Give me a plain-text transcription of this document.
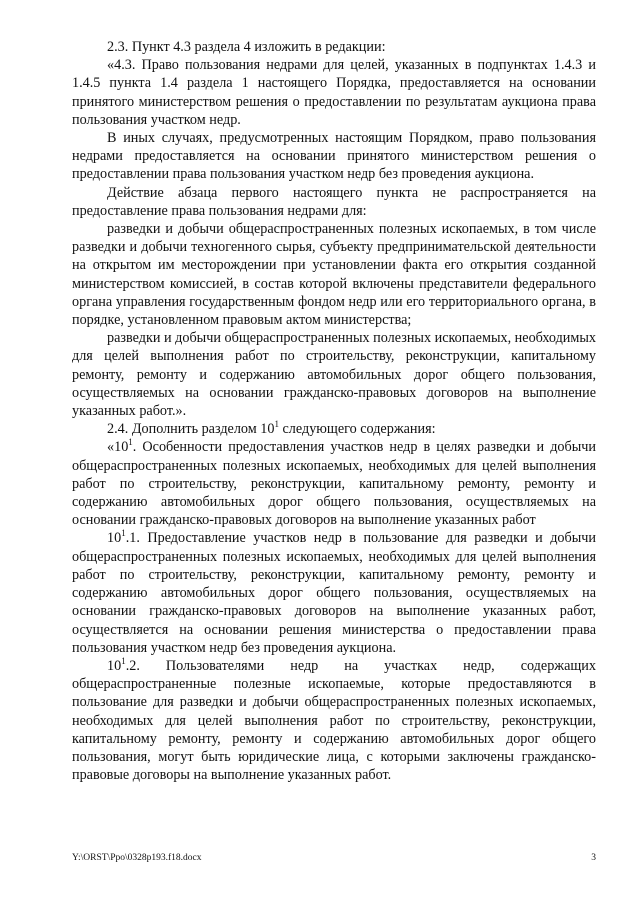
2.3. Пункт 4.3 раздела 4 изложить в редакции:

«4.3. Право пользования недрами для целей, указанных в подпунктах 1.4.3 и 1.4.5 пункта 1.4 раздела 1 настоящего Порядка, предоставляется на основании принятого министерством решения о предоставлении по результатам аукциона права пользования участком недр.

В иных случаях, предусмотренных настоящим Порядком, право пользования недрами предоставляется на основании принятого министерством решения о предоставлении права пользования участком недр без проведения аукциона.

Действие абзаца первого настоящего пункта не распространяется на предоставление права пользования недрами для:

разведки и добычи общераспространенных полезных ископаемых, в том числе разведки и добычи техногенного сырья, субъекту предпринимательской деятельности на открытом им месторождении при установлении факта его открытия созданной министерством комиссией, в состав которой включены представители федерального органа управления государственным фондом недр или его территориального органа, в порядке, установленном правовым актом министерства;

разведки и добычи общераспространенных полезных ископаемых, необходимых для целей выполнения работ по строительству, реконструкции, капитальному ремонту, ремонту и содержанию автомобильных дорог общего пользования, осуществляемых на основании гражданско-правовых договоров на выполнение указанных работ.».

2.4. Дополнить разделом $10^1$ следующего содержания:

«$10^1$. Особенности предоставления участков недр в целях разведки и добычи общераспространенных полезных ископаемых, необходимых для целей выполнения работ по строительству, реконструкции, капитальному ремонту, ремонту и содержанию автомобильных дорог общего пользования, осуществляемых на основании гражданско-правовых договоров на выполнение указанных работ

$10^1.1$. Предоставление участков недр в пользование для разведки и добычи общераспространенных полезных ископаемых, необходимых для целей выполнения работ по строительству, реконструкции, капитальному ремонту, ремонту и содержанию автомобильных дорог общего пользования, осуществляемых на основании гражданско-правовых договоров на выполнение указанных работ, осуществляется на основании решения министерства о предоставлении права пользования участком недр без проведения аукциона.

$10^1.2$. Пользователями недр на участках недр, содержащих общераспространенные полезные ископаемые, которые предоставляются в пользование для разведки и добычи общераспространенных полезных ископаемых, необходимых для целей выполнения работ по строительству, реконструкции, капитальному ремонту, ремонту и содержанию автомобильных дорог общего пользования, могут быть юридические лица, с которыми заключены гражданско-правовые договоры на выполнение указанных работ.

Y:\ORST\Ppo\0328p193.f18.docx	3
